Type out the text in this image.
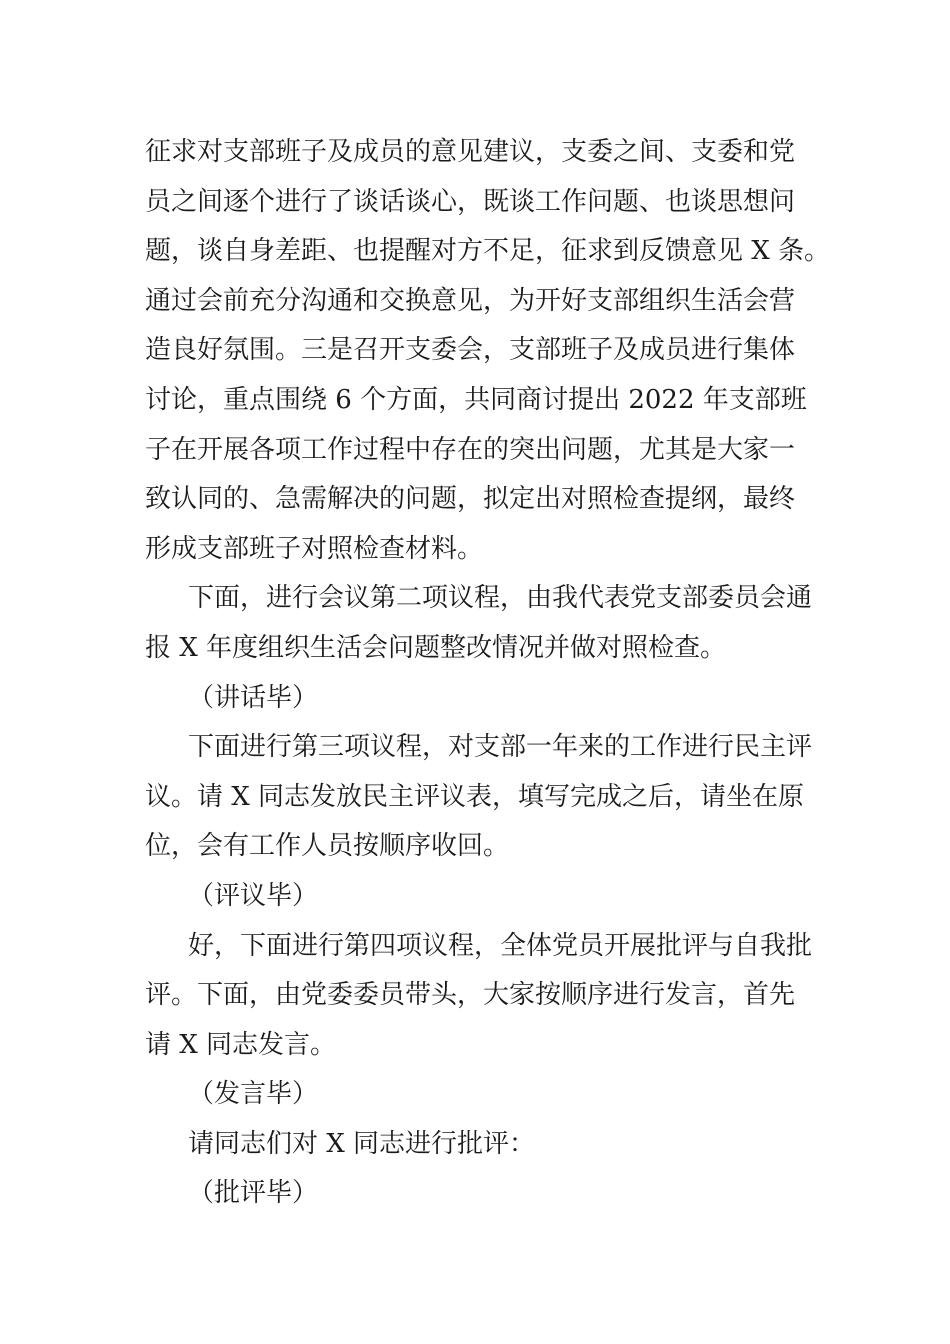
征求对支部班子及成员的意见建议，支委之间、支委和党
员之间逐个进行了谈话谈心，既谈工作问题、也谈思想问
题，谈自身差距、也提醒对方不足，征求到反馈意见 X 条。
通过会前充分沟通和交换意见，为开好支部组织生活会营
造良好氛围。三是召开支委会，支部班子及成员进行集体
讨论，重点围绕 6 个方面，共同商讨提出 2022 年支部班
子在开展各项工作过程中存在的突出问题，尤其是大家一
致认同的、急需解决的问题，拟定出对照检查提纲，最终
形成支部班子对照检查材料。
下面，进行会议第二项议程，由我代表党支部委员会通
报 X 年度组织生活会问题整改情况并做对照检查。
（讲话毕）
下面进行第三项议程，对支部一年来的工作进行民主评
议。请 X 同志发放民主评议表，填写完成之后，请坐在原
位，会有工作人员按顺序收回。
（评议毕）
好，下面进行第四项议程，全体党员开展批评与自我批
评。下面，由党委委员带头，大家按顺序进行发言，首先
请 X 同志发言。
（发言毕）
请同志们对 X 同志进行批评：
（批评毕）
